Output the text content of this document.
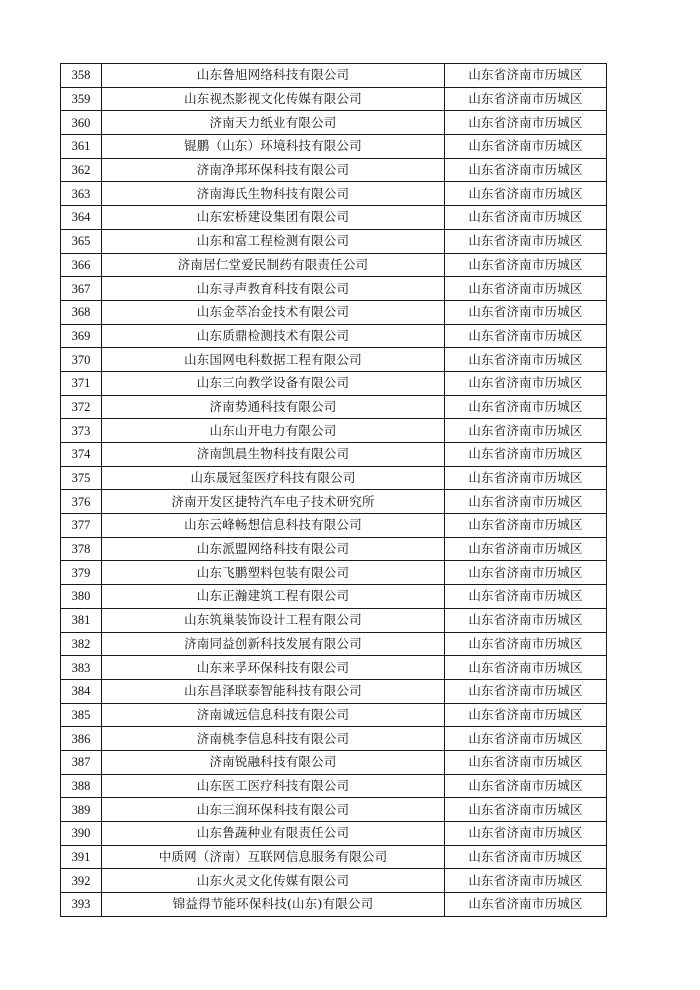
358	山东鲁旭网络科技有限公司	山东省济南市历城区
359	山东视杰影视文化传媒有限公司	山东省济南市历城区
360	济南天力纸业有限公司	山东省济南市历城区
361	锟鹏（山东）环境科技有限公司	山东省济南市历城区
362	济南净邦环保科技有限公司	山东省济南市历城区
363	济南海氏生物科技有限公司	山东省济南市历城区
364	山东宏桥建设集团有限公司	山东省济南市历城区
365	山东和富工程检测有限公司	山东省济南市历城区
366	济南居仁堂爱民制药有限责任公司	山东省济南市历城区
367	山东寻声教育科技有限公司	山东省济南市历城区
368	山东金萃冶金技术有限公司	山东省济南市历城区
369	山东质鼎检测技术有限公司	山东省济南市历城区
370	山东国网电科数据工程有限公司	山东省济南市历城区
371	山东三向教学设备有限公司	山东省济南市历城区
372	济南势通科技有限公司	山东省济南市历城区
373	山东山开电力有限公司	山东省济南市历城区
374	济南凯晨生物科技有限公司	山东省济南市历城区
375	山东晟冠玺医疗科技有限公司	山东省济南市历城区
376	济南开发区捷特汽车电子技术研究所	山东省济南市历城区
377	山东云峰畅想信息科技有限公司	山东省济南市历城区
378	山东派盟网络科技有限公司	山东省济南市历城区
379	山东飞鹏塑料包装有限公司	山东省济南市历城区
380	山东正瀚建筑工程有限公司	山东省济南市历城区
381	山东筑巢装饰设计工程有限公司	山东省济南市历城区
382	济南同益创新科技发展有限公司	山东省济南市历城区
383	山东来孚环保科技有限公司	山东省济南市历城区
384	山东昌泽联泰智能科技有限公司	山东省济南市历城区
385	济南诚远信息科技有限公司	山东省济南市历城区
386	济南桃李信息科技有限公司	山东省济南市历城区
387	济南锐融科技有限公司	山东省济南市历城区
388	山东医工医疗科技有限公司	山东省济南市历城区
389	山东三润环保科技有限公司	山东省济南市历城区
390	山东鲁蔬种业有限责任公司	山东省济南市历城区
391	中质网（济南）互联网信息服务有限公司	山东省济南市历城区
392	山东火灵文化传媒有限公司	山东省济南市历城区
393	锦益得节能环保科技(山东)有限公司	山东省济南市历城区
